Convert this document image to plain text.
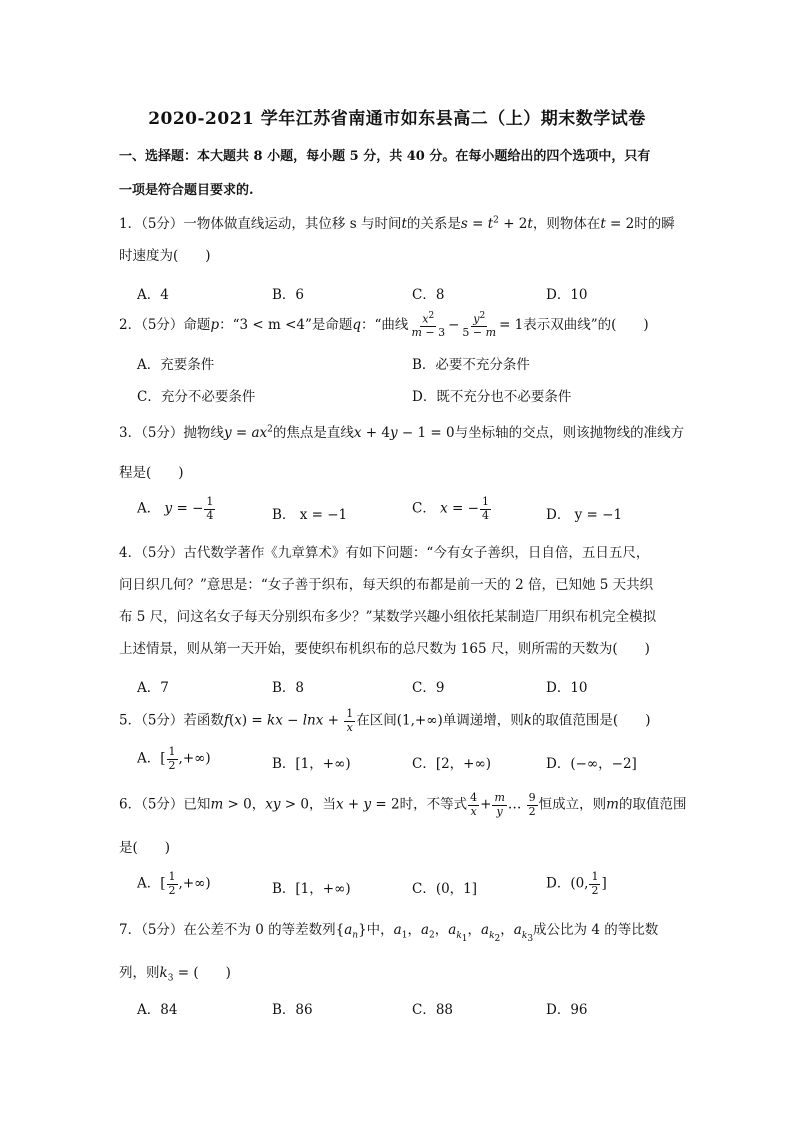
2020-2021 学年江苏省南通市如东县高二（上）期末数学试卷
一、选择题：本大题共 8 小题，每小题 5 分，共 40 分。在每小题给出的四个选项中，只有
一项是符合题目要求的.
1．（5分）一物体做直线运动，其位移 s 与时间t的关系是$s = t^2 + 2t$，则物体在t = 2时的瞬
时速度为(　　)
A．4	B．6	C．8	D．10
2．（5分）命题p：“3 < m <4”是命题q：“曲线 $\frac{x^2}{m - 3} - \frac{y^2}{5 - m} = 1$表示双曲线”的(　　)
A．充要条件	B．必要不充分条件
C．充分不必要条件	D．既不充分也不必要条件
3．（5分）抛物线$y = ax^2$的焦点是直线x + 4y − 1 = 0与坐标轴的交点，则该抛物线的准线方
程是(　　)
A． y = − $\frac{1}{4}$	B． x = −1	C． x = − $\frac{1}{4}$	D． y = −1
4．（5分）古代数学著作《九章算术》有如下问题：“今有女子善织，日自倍，五日五尺，
问日织几何？”意思是：“女子善于织布，每天织的布都是前一天的 2 倍，已知她 5 天共织
布 5 尺，问这名女子每天分别织布多少？”某数学兴趣小组依托某制造厂用织布机完全模拟
上述情景，则从第一天开始，要使织布机织布的总尺数为 165 尺，则所需的天数为(　　)
A．7	B．8	C．9	D．10
5．（5分）若函数f(x) = kx − $\ln x + \frac{1}{x}$ 在区间(1,+∞)单调递增，则k的取值范围是(　　)
A．[ $\frac{1}{2}$ ,+∞)	B．[1，+∞)	C．[2，+∞)	D．(−∞，−2]
6．（5分）已知m > 0，xy > 0，当x + y = 2时，不等式 $\frac{4}{x} + \frac{m}{y}$ … $\frac{9}{2}$ 恒成立，则m的取值范围
是(　　)
A．[ $\frac{1}{2}$ ,+∞)	B．[1，+∞)	C．(0，1]	D．(0, $\frac{1}{2}$ ]
7．（5分）在公差不为 0 的等差数列$\{a_n\}$中，$a_1$，$a_2$，$a_{k_1}$，$a_{k_2}$，$a_{k_3}$成公比为 4 的等比数
列，则$k_3$ = (　　)
A．84	B．86	C．88	D．96
